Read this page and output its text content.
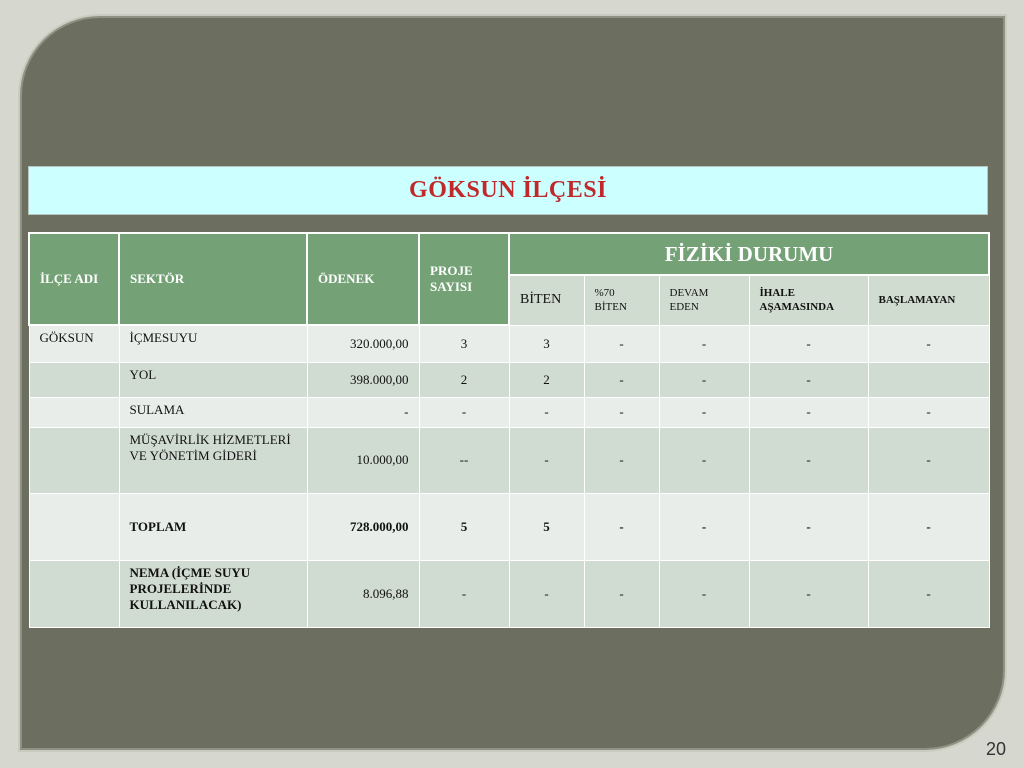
GÖKSUN İLÇESİ
İLÇE ADI	SEKTÖR	ÖDENEK	PROJE SAYISI	FİZİKİ DURUMU				
				BİTEN	%70 BİTEN	DEVAM EDEN	İHALE AŞAMASINDA	BAŞLAMAYAN
GÖKSUN	İÇMESUYU	320.000,00	3	3	-	-	-	-
	YOL	398.000,00	2	2	-	-	-	
	SULAMA	-	-	-	-	-	-	-
	MÜŞAVİRLİK HİZMETLERİ VE YÖNETİM GİDERİ	10.000,00	--	-	-	-	-	-
	TOPLAM	728.000,00	5	5	-	-	-	-
	NEMA (İÇME SUYU PROJELERİNDE KULLANILACAK)	8.096,88	-	-	-	-	-	-
20
